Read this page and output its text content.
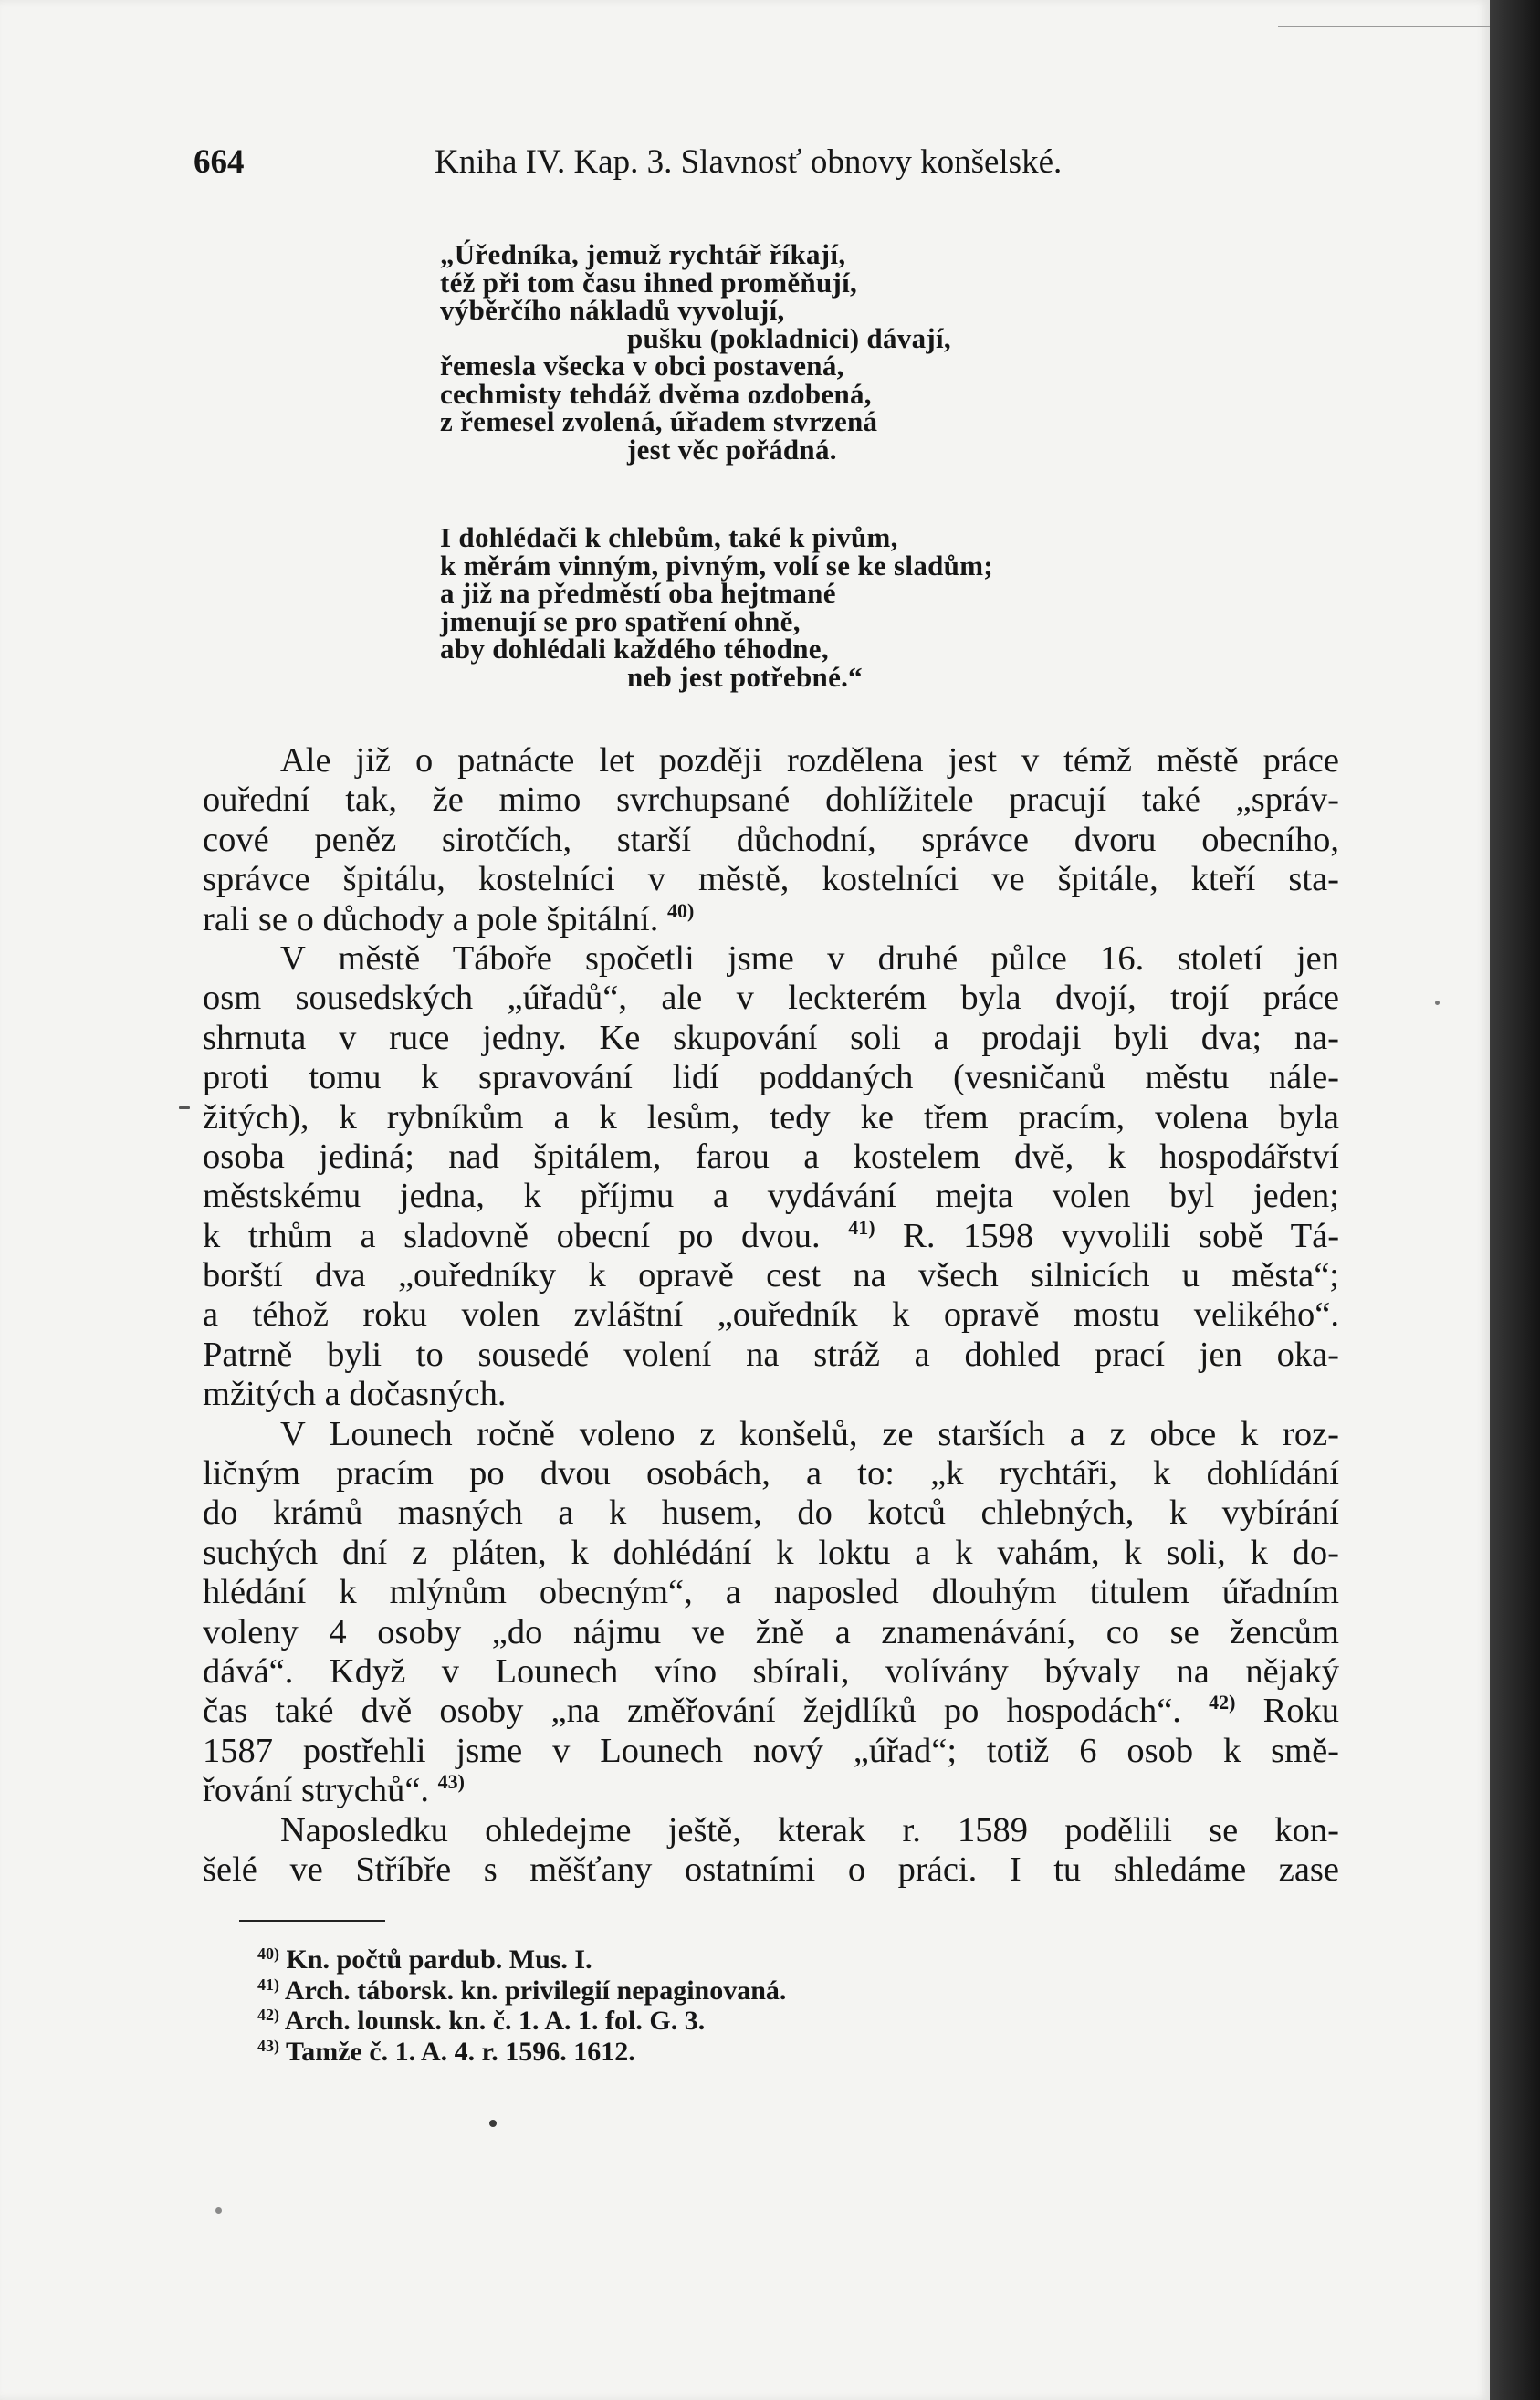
664	Kniha IV. Kap. 3. Slavnosť obnovy konšelské.
„Úředníka, jemuž rychtář říkají,
též při tom času ihned proměňují,
výběrčího nákladů vyvolují,
pušku (pokladnici) dávají,
řemesla všecka v obci postavená,
cechmisty tehdáž dvěma ozdobená,
z řemesel zvolená, úřadem stvrzená
jest věc pořádná.
I dohlédači k chlebům, také k pivům,
k měrám vinným, pivným, volí se ke sladům;
a již na předměstí oba hejtmané
jmenují se pro spatření ohně,
aby dohlédali každého téhodne,
neb jest potřebné.“
Ale již o patnácte let později rozdělena jest v témž městě práce
ouřední tak, že mimo svrchupsané dohlížitele pracují také „správ-
cové peněz sirotčích, starší důchodní, správce dvoru obecního,
správce špitálu, kostelníci v městě, kostelníci ve špitále, kteří sta-
rali se o důchody a pole špitální. $^{40)}$
V městě Táboře spočetli jsme v druhé půlce 16. století jen
osm sousedských „úřadů“, ale v leckterém byla dvojí, trojí práce
shrnuta v ruce jedny. Ke skupování soli a prodaji byli dva; na-
proti tomu k spravování lidí poddaných (vesničanů městu nále-
žitých), k rybníkům a k lesům, tedy ke třem pracím, volena byla
osoba jediná; nad špitálem, farou a kostelem dvě, k hospodářství
městskému jedna, k příjmu a vydávání mejta volen byl jeden;
k trhům a sladovně obecní po dvou. $^{41)}$ R. 1598 vyvolili sobě Tá-
borští dva „ouředníky k opravě cest na všech silnicích u města“;
a téhož roku volen zvláštní „ouředník k opravě mostu velikého“.
Patrně byli to sousedé volení na stráž a dohled prací jen oka-
mžitých a dočasných.
V Lounech ročně voleno z konšelů, ze starších a z obce k roz-
ličným pracím po dvou osobách, a to: „k rychtáři, k dohlídání
do krámů masných a k husem, do kotců chlebných, k vybírání
suchých dní z pláten, k dohlédání k loktu a k vahám, k soli, k do-
hlédání k mlýnům obecným“, a naposled dlouhým titulem úřadním
voleny 4 osoby „do nájmu ve žně a znamenávání, co se žencům
dává“. Když v Lounech víno sbírali, volívány bývaly na nějaký
čas také dvě osoby „na změřování žejdlíků po hospodách“. $^{42)}$ Roku
1587 postřehli jsme v Lounech nový „úřad“; totiž 6 osob k smě-
řování strychů“. $^{43)}$
Naposledku ohledejme ještě, kterak r. 1589 podělili se kon-
šelé ve Stříbře s měšťany ostatními o práci. I tu shledáme zase
$^{40)}$ Kn. počtů pardub. Mus. I.
$^{41)}$ Arch. táborsk. kn. privilegií nepaginovaná.
$^{42)}$ Arch. lounsk. kn. č. 1. A. 1. fol. G. 3.
$^{43)}$ Tamže č. 1. A. 4. r. 1596. 1612.
